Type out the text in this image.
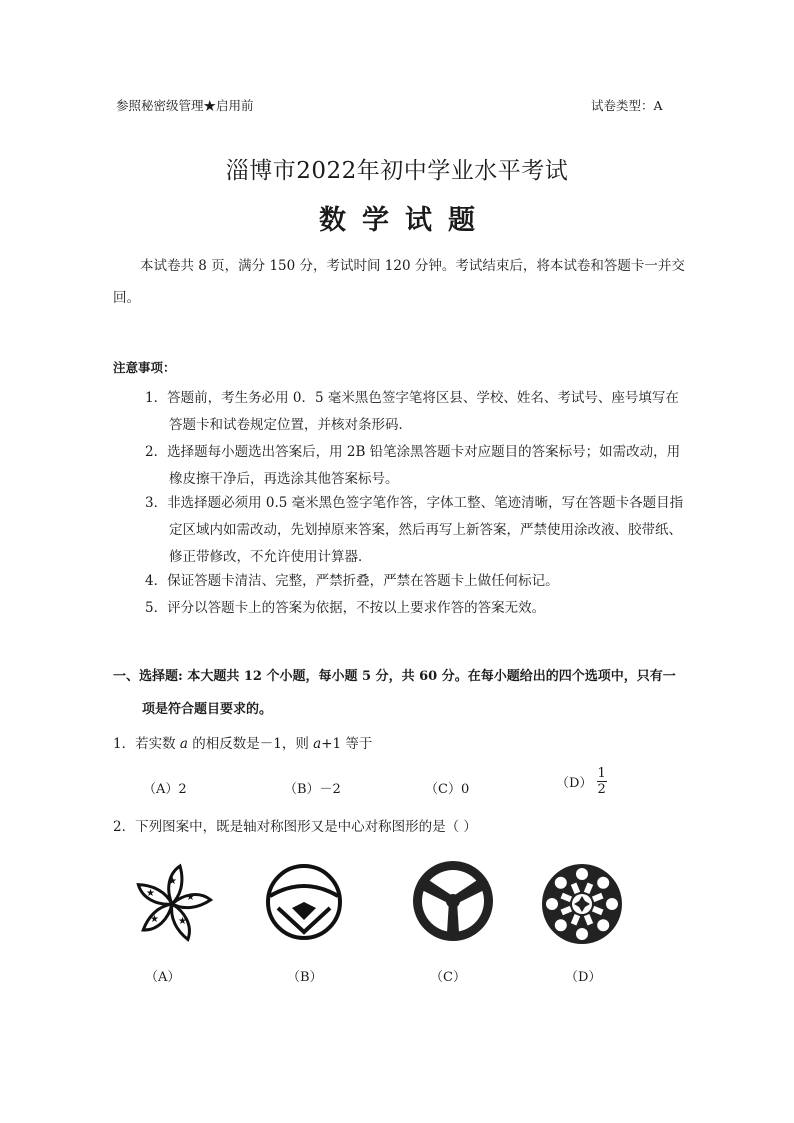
参照秘密级管理★启用前	试卷类型：A
淄博市2022年初中学业水平考试
数学试题
本试卷共 8 页，满分 150 分，考试时间 120 分钟。考试结束后，将本试卷和答题卡一并交
回。
注意事项：
1．答题前，考生务必用 0．5 毫米黑色签字笔将区县、学校、姓名、考试号、座号填写在
答题卡和试卷规定位置，并核对条形码．
2．选择题每小题选出答案后，用 2B 铅笔涂黑答题卡对应题目的答案标号；如需改动，用
橡皮擦干净后，再选涂其他答案标号。
3．非选择题必须用 0.5 毫米黑色签字笔作答，字体工整、笔迹清晰，写在答题卡各题目指
定区域内如需改动，先划掉原来答案，然后再写上新答案，严禁使用涂改液、胶带纸、
修正带修改，不允许使用计算器．
4．保证答题卡清洁、完整，严禁折叠，严禁在答题卡上做任何标记。
5．评分以答题卡上的答案为依据，不按以上要求作答的答案无效。
一、选择题: 本大题共 12 个小题，每小题 5 分，共 60 分。在每小题给出的四个选项中，只有一
项是符合题目要求的。
1．若实数 a 的相反数是－1，则 a+1 等于
（A）2	（B）－2	（C）0	$(D) \frac{1}{2}$
2．下列图案中，既是轴对称图形又是中心对称图形的是（ ）
★
★
★
★
★
（A）	（B）	（C）	（D）
